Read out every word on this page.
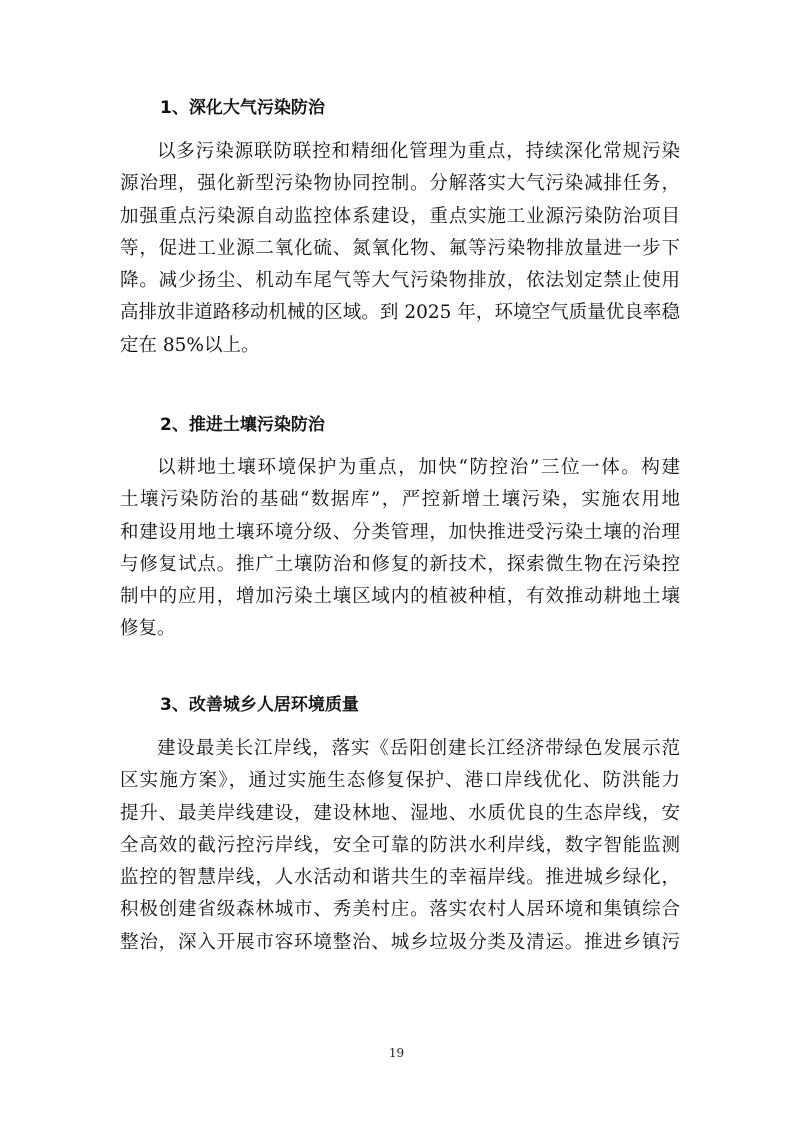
1、深化大气污染防治
以多污染源联防联控和精细化管理为重点，持续深化常规污染
源治理，强化新型污染物协同控制。分解落实大气污染减排任务，
加强重点污染源自动监控体系建设，重点实施工业源污染防治项目
等，促进工业源二氧化硫、氮氧化物、氟等污染物排放量进一步下
降。减少扬尘、机动车尾气等大气污染物排放，依法划定禁止使用
高排放非道路移动机械的区域。到 2025 年，环境空气质量优良率稳
定在 85%以上。
2、推进土壤污染防治
以耕地土壤环境保护为重点，加快“防控治”三位一体。构建
土壤污染防治的基础“数据库”，严控新增土壤污染，实施农用地
和建设用地土壤环境分级、分类管理，加快推进受污染土壤的治理
与修复试点。推广土壤防治和修复的新技术，探索微生物在污染控
制中的应用，增加污染土壤区域内的植被种植，有效推动耕地土壤
修复。
3、改善城乡人居环境质量
建设最美长江岸线，落实《岳阳创建长江经济带绿色发展示范
区实施方案》，通过实施生态修复保护、港口岸线优化、防洪能力
提升、最美岸线建设，建设林地、湿地、水质优良的生态岸线，安
全高效的截污控污岸线，安全可靠的防洪水利岸线，数字智能监测
监控的智慧岸线，人水活动和谐共生的幸福岸线。推进城乡绿化，
积极创建省级森林城市、秀美村庄。落实农村人居环境和集镇综合
整治，深入开展市容环境整治、城乡垃圾分类及清运。推进乡镇污
19
